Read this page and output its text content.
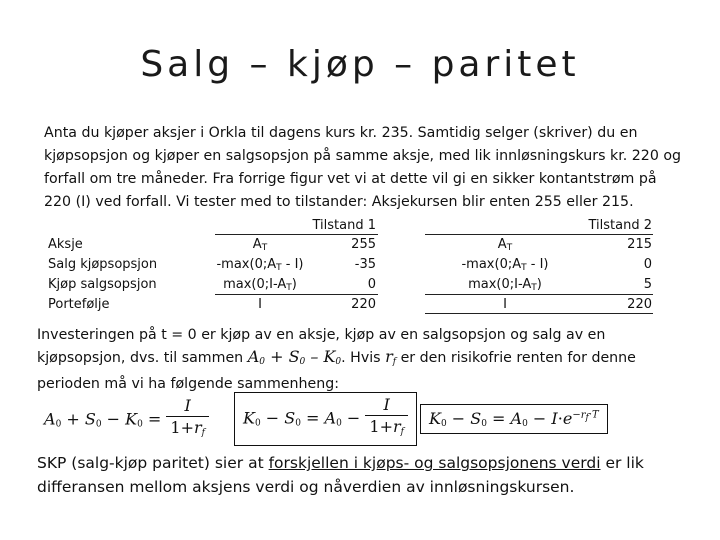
Salg – kjøp – paritet
Anta du kjøper aksjer i Orkla til dagens kurs kr. 235. Samtidig selger (skriver) du en kjøpsopsjon og kjøper en salgsopsjon på samme aksje, med lik innløsningskurs kr. 220 og forfall om tre måneder. Fra forrige figur vet vi at dette vil gi en sikker kontantstrøm på 220 (I) ved forfall. Vi tester med to tilstander: Aksjekursen blir enten 255 eller 215.
Aksje
Salg kjøpsopsjon
Kjøp salgsopsjon
Portefølje
$A_T$
$-\max(0;A_T - I)$
$\max(0;I-A_T)$
I
Tilstand 1
255
-35
0
220
$A_T$
$-\max(0;A_T - I)$
$\max(0;I-A_T)$
I
Tilstand 2
215
0
5
220
Investeringen på t = 0 er kjøp av en aksje, kjøp av en salgsopsjon og salg av en kjøpsopsjon, dvs. til sammen $A_0 + S_0 - K_0$. Hvis $r_f$ er den risikofrie renten for denne perioden må vi ha følgende sammenheng:
$A_0 + S_0 - K_0 = \frac{I}{1+r_f}$	$K_0 - S_0 = A_0 - \frac{I}{1+r_f}$	$K_0 - S_0 = A_0 - I\cdot e^{-r_f\cdot T}$
SKP (salg-kjøp paritet) sier at forskjellen i kjøps- og salgsopsjonens verdi er lik differansen mellom aksjens verdi og nåverdien av innløsningskursen.
